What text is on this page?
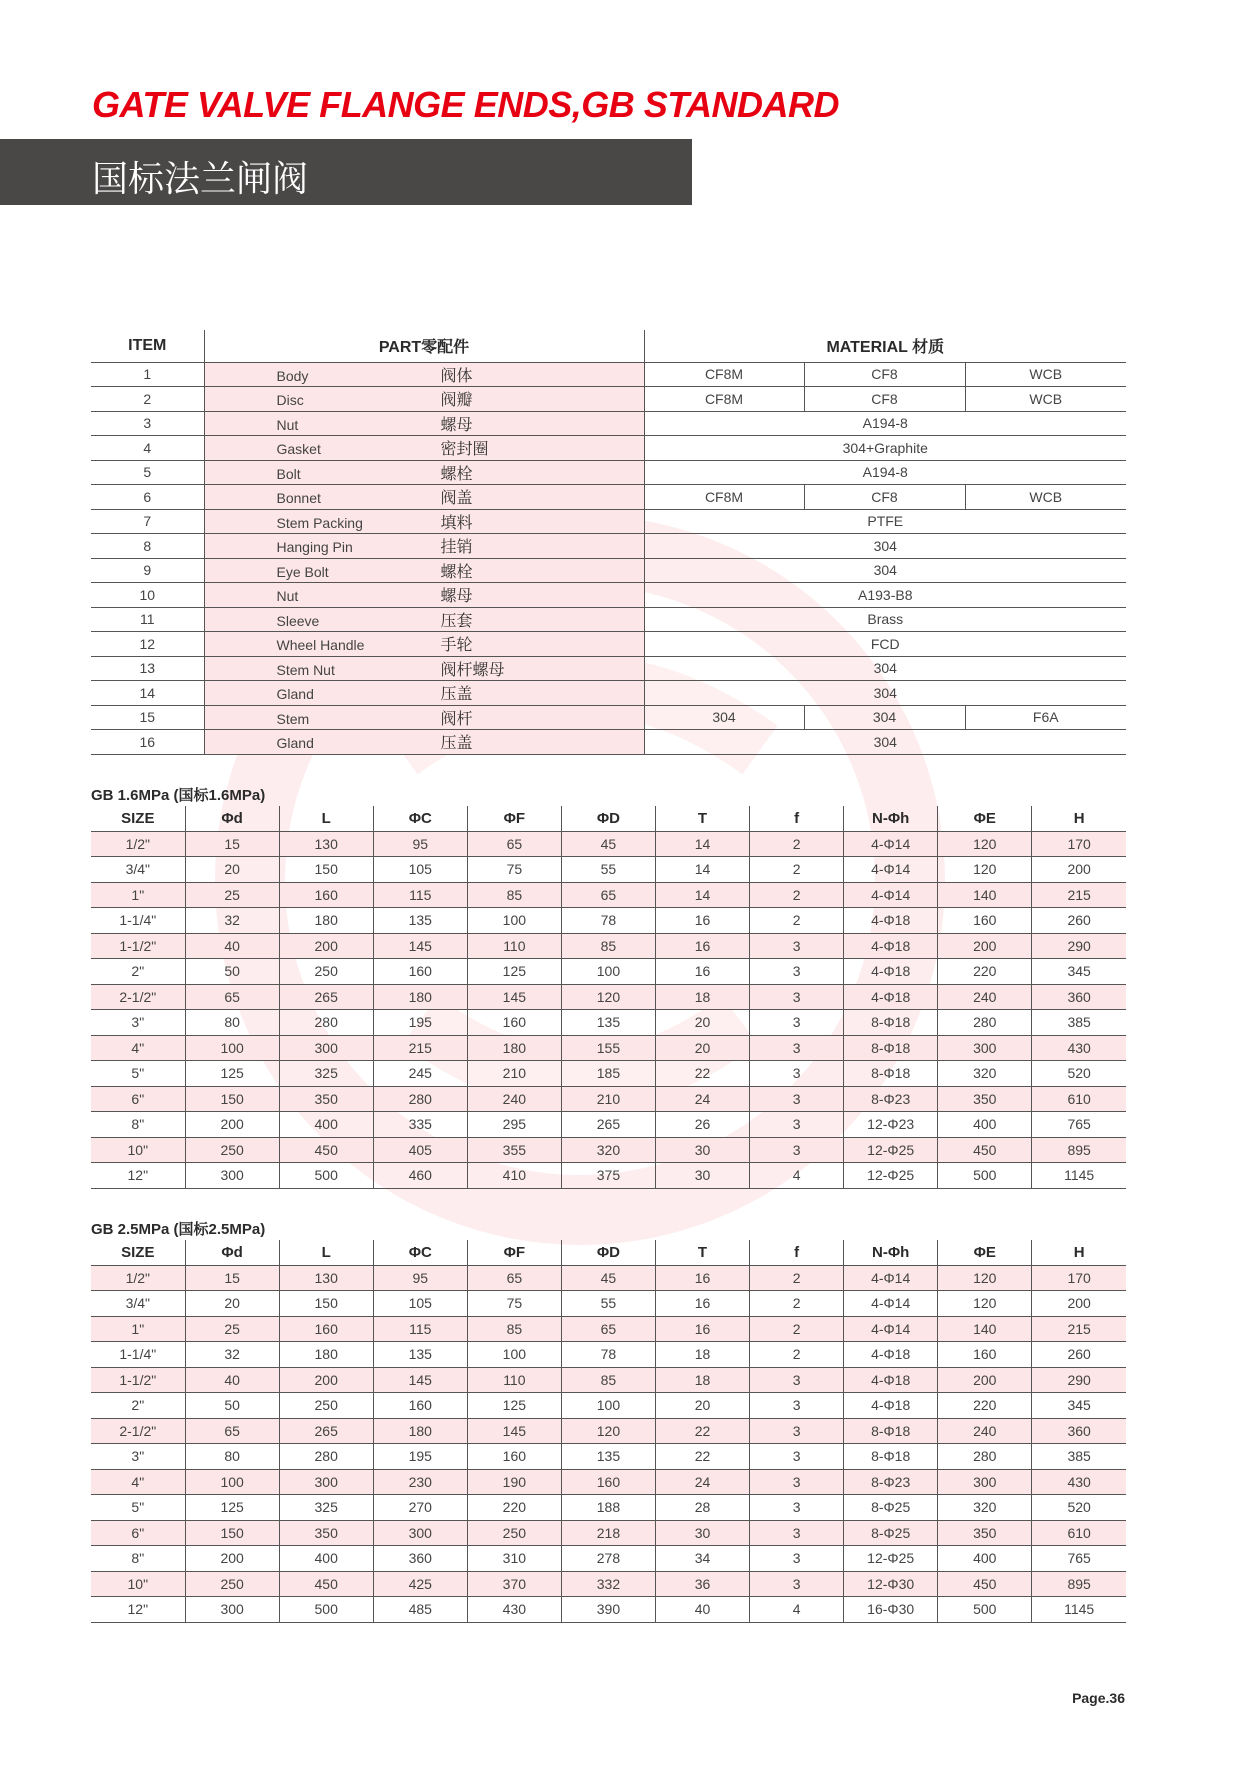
GATE VALVE FLANGE ENDS,GB STANDARD
国标法兰闸阀
ITEM	PART零配件	MATERIAL 材质		
1	Body 阀体	CF8M	CF8	WCB
2	Disc 阀瓣	CF8M	CF8	WCB
3	Nut 螺母	A194-8		
4	Gasket 密封圈	304+Graphite		
5	Bolt 螺栓	A194-8		
6	Bonnet 阀盖	CF8M	CF8	WCB
7	Stem Packing 填料	PTFE		
8	Hanging Pin 挂销	304		
9	Eye Bolt 螺栓	304		
10	Nut 螺母	A193-B8		
11	Sleeve 压套	Brass		
12	Wheel Handle 手轮	FCD		
13	Stem Nut 阀杆螺母	304		
14	Gland 压盖	304		
15	Stem 阀杆	304	304	F6A
16	Gland 压盖	304		
GB 1.6MPa (国标1.6MPa)
SIZE	Φd	L	ΦC	ΦF	ΦD	T	f	N-Φh	ΦE	H
1/2"	15	130	95	65	45	14	2	4-Φ14	120	170
3/4"	20	150	105	75	55	14	2	4-Φ14	120	200
1"	25	160	115	85	65	14	2	4-Φ14	140	215
1-1/4"	32	180	135	100	78	16	2	4-Φ18	160	260
1-1/2"	40	200	145	110	85	16	3	4-Φ18	200	290
2"	50	250	160	125	100	16	3	4-Φ18	220	345
2-1/2"	65	265	180	145	120	18	3	4-Φ18	240	360
3"	80	280	195	160	135	20	3	8-Φ18	280	385
4"	100	300	215	180	155	20	3	8-Φ18	300	430
5"	125	325	245	210	185	22	3	8-Φ18	320	520
6"	150	350	280	240	210	24	3	8-Φ23	350	610
8"	200	400	335	295	265	26	3	12-Φ23	400	765
10"	250	450	405	355	320	30	3	12-Φ25	450	895
12"	300	500	460	410	375	30	4	12-Φ25	500	1145
GB 2.5MPa (国标2.5MPa)
SIZE	Φd	L	ΦC	ΦF	ΦD	T	f	N-Φh	ΦE	H
1/2"	15	130	95	65	45	16	2	4-Φ14	120	170
3/4"	20	150	105	75	55	16	2	4-Φ14	120	200
1"	25	160	115	85	65	16	2	4-Φ14	140	215
1-1/4"	32	180	135	100	78	18	2	4-Φ18	160	260
1-1/2"	40	200	145	110	85	18	3	4-Φ18	200	290
2"	50	250	160	125	100	20	3	4-Φ18	220	345
2-1/2"	65	265	180	145	120	22	3	8-Φ18	240	360
3"	80	280	195	160	135	22	3	8-Φ18	280	385
4"	100	300	230	190	160	24	3	8-Φ23	300	430
5"	125	325	270	220	188	28	3	8-Φ25	320	520
6"	150	350	300	250	218	30	3	8-Φ25	350	610
8"	200	400	360	310	278	34	3	12-Φ25	400	765
10"	250	450	425	370	332	36	3	12-Φ30	450	895
12"	300	500	485	430	390	40	4	16-Φ30	500	1145
Page.36
